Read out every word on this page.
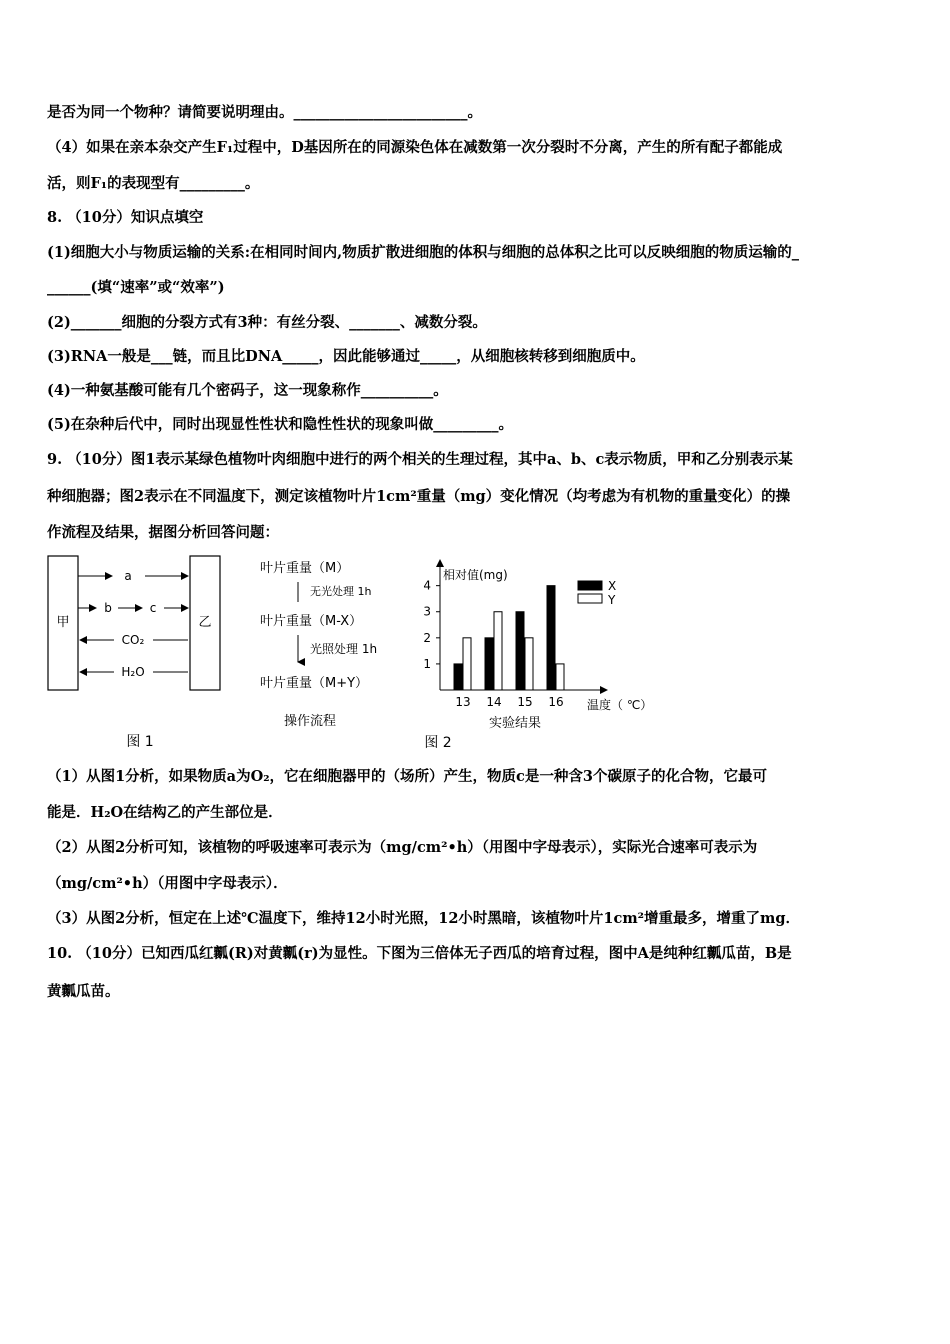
是否为同一个物种？请简要说明理由。________________________。
（4）如果在亲本杂交产生F₁过程中，D基因所在的同源染色体在减数第一次分裂时不分离，产生的所有配子都能成
活，则F₁的表现型有_________。
8. （10分）知识点填空
(1)细胞大小与物质运输的关系:在相同时间内,物质扩散进细胞的体积与细胞的总体积之比可以反映细胞的物质运输的_
______(填“速率”或“效率”)
(2)_______细胞的分裂方式有3种：有丝分裂、_______、减数分裂。
(3)RNA一般是___链，而且比DNA_____，因此能够通过_____，从细胞核转移到细胞质中。
(4)一种氨基酸可能有几个密码子，这一现象称作__________。
(5)在杂种后代中，同时出现显性性状和隐性性状的现象叫做_________。
9. （10分）图1表示某绿色植物叶肉细胞中进行的两个相关的生理过程，其中a、b、c表示物质，甲和乙分别表示某
种细胞器；图2表示在不同温度下，测定该植物叶片1cm²重量（mg）变化情况（均考虑为有机物的重量变化）的操
作流程及结果，据图分析回答问题：
甲	乙
a
b	c
CO₂
H₂O
图 1
叶片重量（M）
无光处理 1h
叶片重量（M-X）
光照处理 1h
叶片重量（M+Y）
操作流程
相对值(mg)
实验结果
温度（ ℃）
X
Y
图 2
1
2
3
4
13 14 15 16
（1）从图1分析，如果物质a为O₂，它在细胞器甲的（场所）产生，物质c是一种含3个碳原子的化合物，它最可
能是．H₂O在结构乙的产生部位是．
（2）从图2分析可知，该植物的呼吸速率可表示为（mg/cm²•h）（用图中字母表示），实际光合速率可表示为
（mg/cm²•h）（用图中字母表示）．
（3）从图2分析，恒定在上述℃温度下，维持12小时光照，12小时黑暗，该植物叶片1cm²增重最多，增重了mg．
10. （10分）已知西瓜红瓤(R)对黄瓤(r)为显性。下图为三倍体无子西瓜的培育过程，图中A是纯种红瓤瓜苗，B是
黄瓤瓜苗。
